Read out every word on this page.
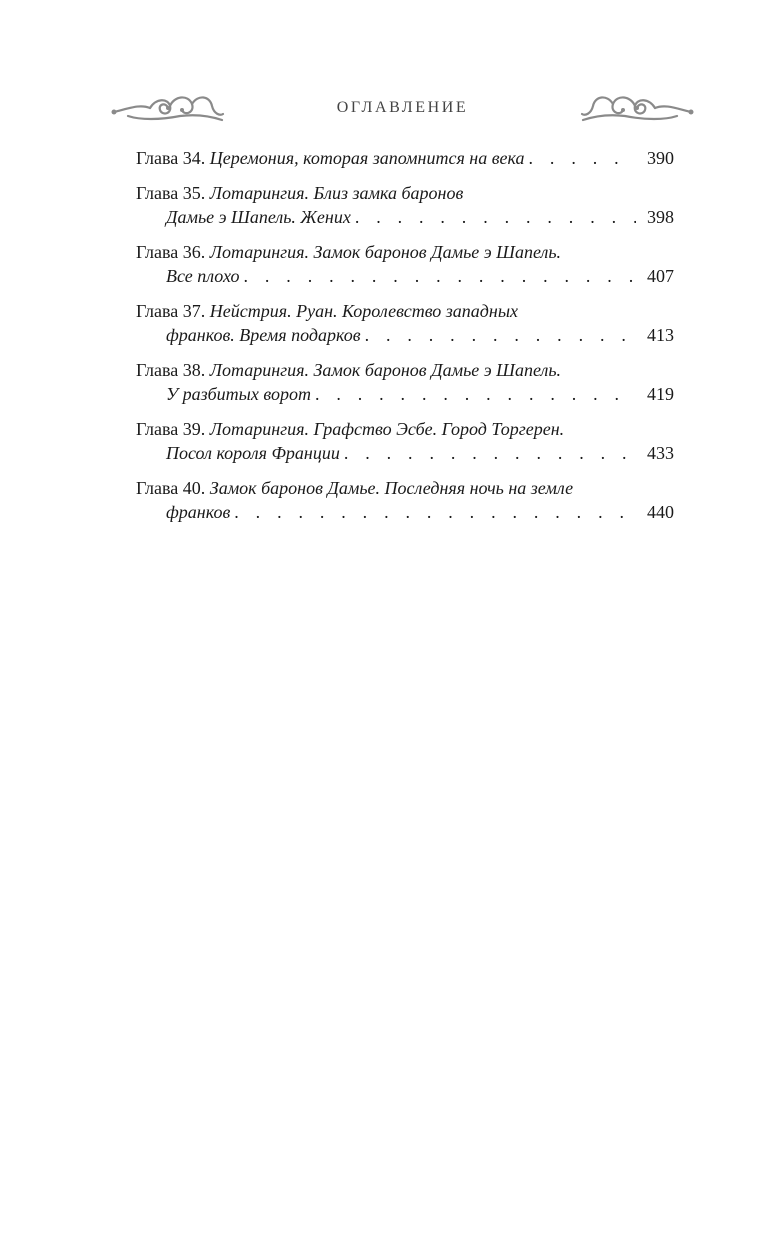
ОГЛАВЛЕНИЕ
Глава 34.
Церемония, которая запомнится на века . . .	390
Глава 35.
Лотарингия. Близ замка баронов
Дамье э Шапель. Жених . . .	398
Глава 36.
Лотарингия. Замок баронов Дамье э Шапель.
Все плохо . . .	407
Глава 37.
Нейстрия. Руан. Королевство западных
франков. Время подарков . . .	413
Глава 38.
Лотарингия. Замок баронов Дамье э Шапель.
У разбитых ворот . . .	419
Глава 39.
Лотарингия. Графство Эсбе. Город Торгерен.
Посол короля Франции . . .	433
Глава 40.
Замок баронов Дамье. Последняя ночь на земле
франков . . .	440
